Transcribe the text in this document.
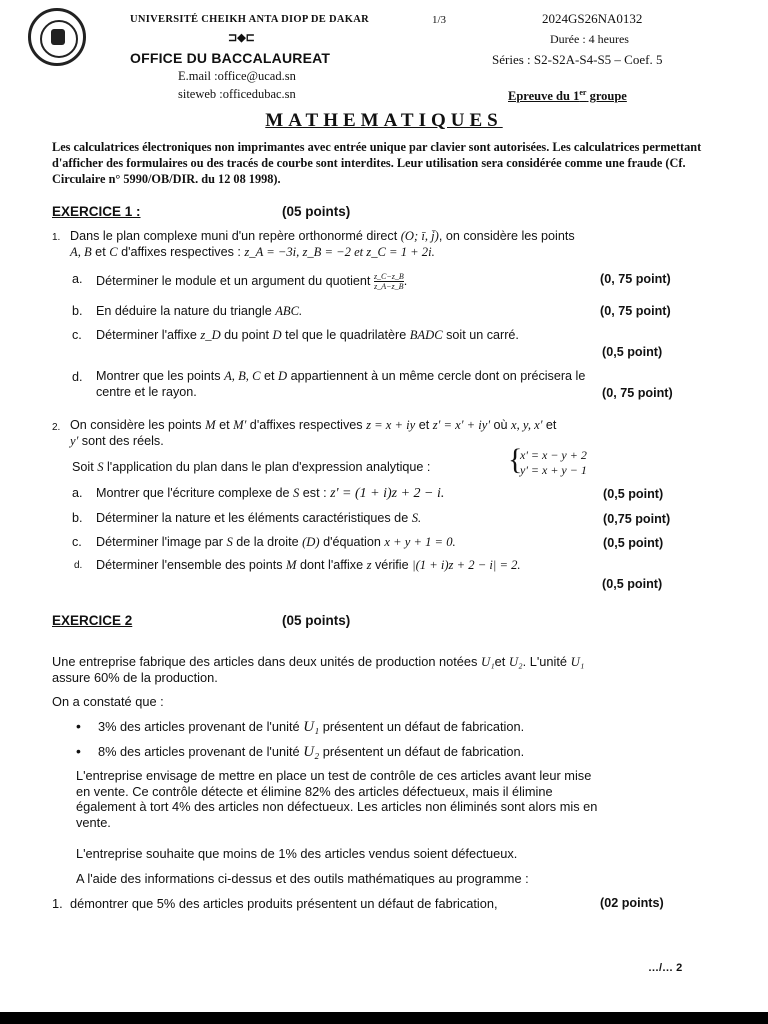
UNIVERSITÉ CHEIKH ANTA DIOP DE DAKAR
⊐◆⊏
OFFICE DU BACCALAUREAT
E.mail :office@ucad.sn
siteweb :officedubac.sn
1/3	2024GS26NA0132
Durée : 4 heures
Séries : S2-S2A-S4-S5 – Coef. 5
Epreuve du 1er groupe
MATHEMATIQUES
Les calculatrices électroniques non imprimantes avec entrée unique par clavier sont autorisées. Les calculatrices permettant d'afficher des formulaires ou des tracés de courbe sont interdites. Leur utilisation sera considérée comme une fraude (Cf. Circulaire n° 5990/OB/DIR. du 12 08 1998).
EXERCICE 1 :	(05 points)
1. Dans le plan complexe muni d'un repère orthonormé direct (O; ī, j̄), on considère les points
A, B et C d'affixes respectives : z_A = −3i, z_B = −2 et z_C = 1 + 2i.
a. Déterminer le module et un argument du quotient $\frac{z\_C-z\_B}{z\_A-z\_B}$ .	(0, 75 point)
b. En déduire la nature du triangle ABC.	(0, 75 point)
c. Déterminer l'affixe z_D du point D tel que le quadrilatère BADC soit un carré.
(0,5 point)
d. Montrer que les points A, B, C et D appartiennent à un même cercle dont on précisera le
centre et le rayon.	(0, 75 point)
2. On considère les points M et M' d'affixes respectives z = x + iy et z' = x' + iy' où x, y, x' et
y' sont des réels.
Soit S l'application du plan dans le plan d'expression analytique :	{
x' = x − y + 2
y' = x + y − 1
a. Montrer que l'écriture complexe de S est : z' = (1 + i)z + 2 − i.	(0,5 point)
b. Déterminer la nature et les éléments caractéristiques de S.	(0,75 point)
c. Déterminer l'image par S de la droite (D) d'équation x + y + 1 = 0.	(0,5 point)
d. Déterminer l'ensemble des points M dont l'affixe z vérifie |(1 + i)z + 2 − i| = 2.
(0,5 point)
EXERCICE 2	(05 points)
Une entreprise fabrique des articles dans deux unités de production notées U₁et U₂. L'unité U₁
assure 60% de la production.
On a constaté que :
• 3% des articles provenant de l'unité U₁ présentent un défaut de fabrication.
• 8% des articles provenant de l'unité U₂ présentent un défaut de fabrication.
L'entreprise envisage de mettre en place un test de contrôle de ces articles avant leur mise
en vente. Ce contrôle détecte et élimine 82% des articles défectueux, mais il élimine
également à tort 4% des articles non défectueux. Les articles non éliminés sont alors mis en
vente.
L'entreprise souhaite que moins de 1% des articles vendus soient défectueux.
A l'aide des informations ci-dessus et des outils mathématiques au programme :
1. démontrer que 5% des articles produits présentent un défaut de fabrication,	(02 points)
…/… 2
